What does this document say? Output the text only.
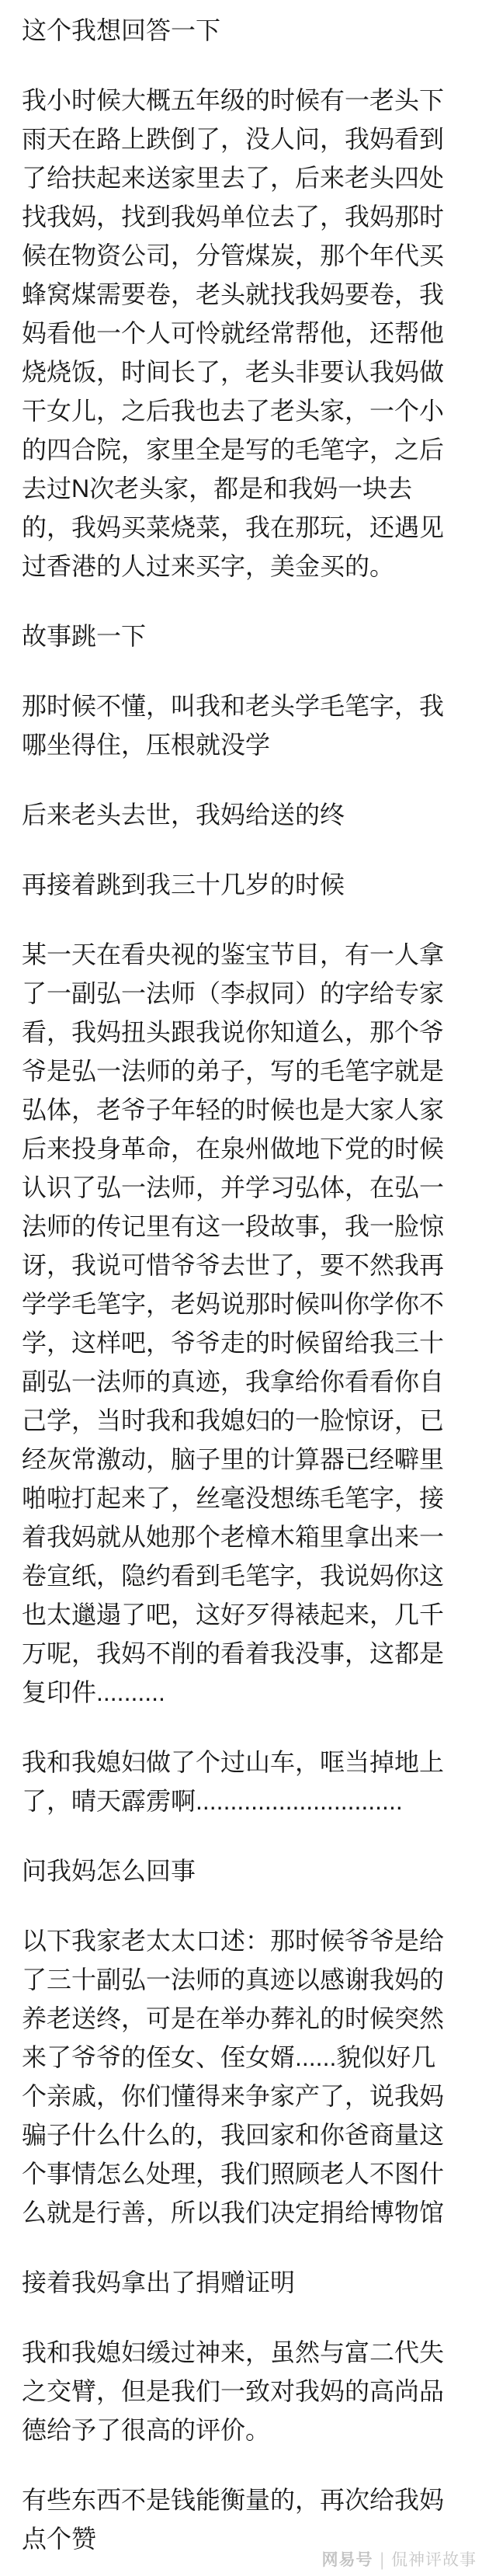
这个我想回答一下

我小时候大概五年级的时候有一老头下雨天在路上跌倒了，没人问，我妈看到了给扶起来送家里去了，后来老头四处找我妈，找到我妈单位去了，我妈那时候在物资公司，分管煤炭，那个年代买蜂窝煤需要卷，老头就找我妈要卷，我妈看他一个人可怜就经常帮他，还帮他烧烧饭，时间长了，老头非要认我妈做干女儿，之后我也去了老头家，一个小的四合院，家里全是写的毛笔字，之后去过N次老头家，都是和我妈一块去的，我妈买菜烧菜，我在那玩，还遇见过香港的人过来买字，美金买的。

故事跳一下

那时候不懂，叫我和老头学毛笔字，我哪坐得住，压根就没学

后来老头去世，我妈给送的终

再接着跳到我三十几岁的时候

某一天在看央视的鉴宝节目，有一人拿了一副弘一法师（李叔同）的字给专家看，我妈扭头跟我说你知道么，那个爷爷是弘一法师的弟子，写的毛笔字就是弘体，老爷子年轻的时候也是大家人家后来投身革命，在泉州做地下党的时候认识了弘一法师，并学习弘体，在弘一法师的传记里有这一段故事，我一脸惊讶，我说可惜爷爷去世了，要不然我再学学毛笔字，老妈说那时候叫你学你不学，这样吧，爷爷走的时候留给我三十副弘一法师的真迹，我拿给你看看你自己学，当时我和我媳妇的一脸惊讶，已经灰常激动，脑子里的计算器已经噼里啪啦打起来了，丝毫没想练毛笔字，接着我妈就从她那个老樟木箱里拿出来一卷宣纸，隐约看到毛笔字，我说妈你这也太邋遢了吧，这好歹得裱起来，几千万呢，我妈不削的看着我没事，这都是复印件..........

我和我媳妇做了个过山车，哐当掉地上了，晴天霹雳啊..............................

问我妈怎么回事

以下我家老太太口述：那时候爷爷是给了三十副弘一法师的真迹以感谢我妈的养老送终，可是在举办葬礼的时候突然来了爷爷的侄女、侄女婿......貌似好几个亲戚，你们懂得来争家产了，说我妈骗子什么什么的，我回家和你爸商量这个事情怎么处理，我们照顾老人不图什么就是行善，所以我们决定捐给博物馆

接着我妈拿出了捐赠证明

我和我媳妇缓过神来，虽然与富二代失之交臂，但是我们一致对我妈的高尚品德给予了很高的评价。

有些东西不是钱能衡量的，再次给我妈点个赞

网易号 | 侃神评故事
